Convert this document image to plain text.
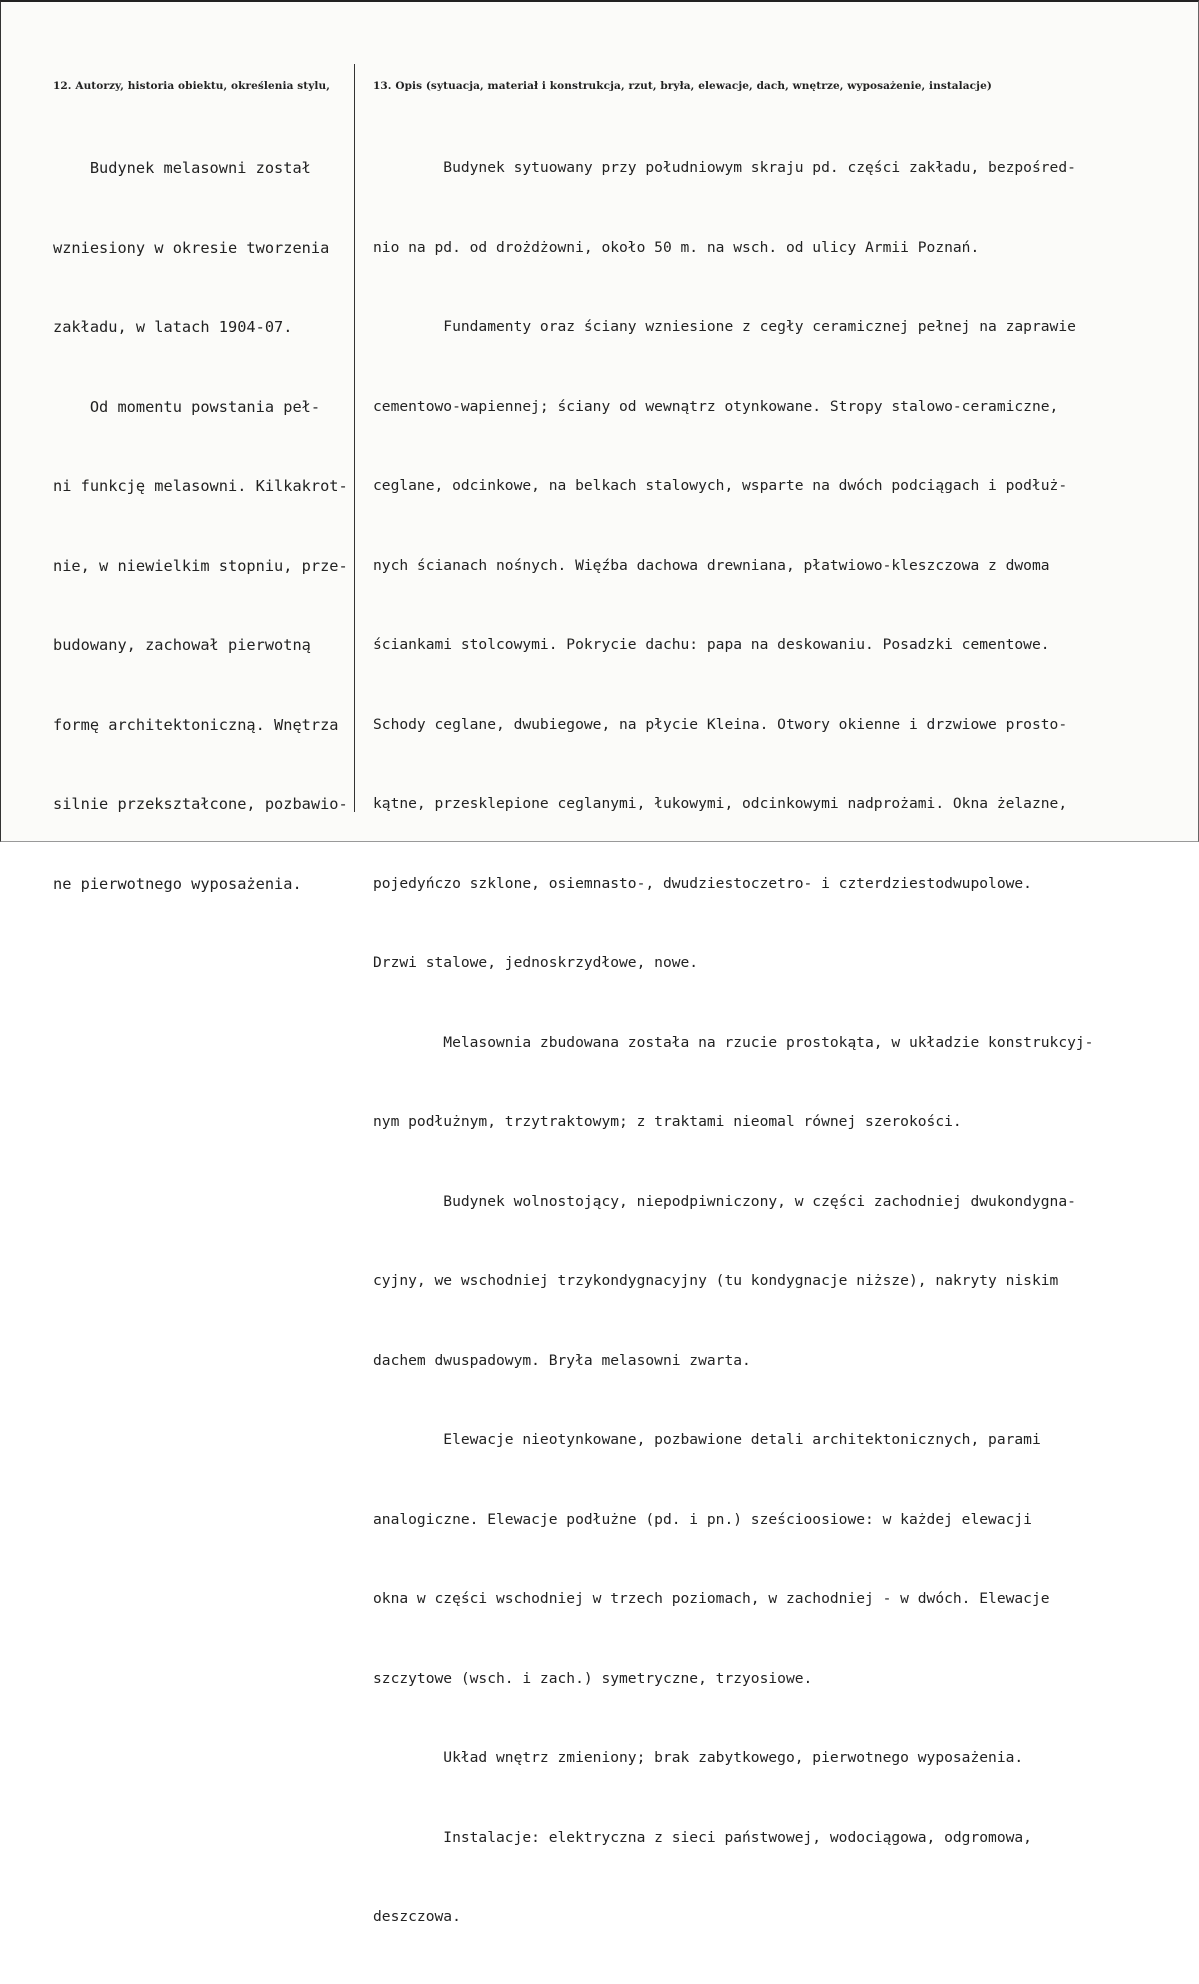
12. Autorzy, historia obiektu, określenia stylu,	13. Opis (sytuacja, materiał i konstrukcja, rzut, bryła, elewacje, dach, wnętrze, wyposażenie, instalacje)

Budynek melasowni został

wzniesiony w okresie tworzenia

zakładu, w latach 1904-07.

Od momentu powstania peł-

ni funkcję melasowni. Kilkakrot-

nie, w niewielkim stopniu, prze-

budowany, zachował pierwotną

formę architektoniczną. Wnętrza

silnie przekształcone, pozbawio-

ne pierwotnego wyposażenia.

Budynek sytuowany przy południowym skraju pd. części zakładu, bezpośred-

nio na pd. od drożdżowni, około 50 m. na wsch. od ulicy Armii Poznań.

Fundamenty oraz ściany wzniesione z cegły ceramicznej pełnej na zaprawie

cementowo-wapiennej; ściany od wewnątrz otynkowane. Stropy stalowo-ceramiczne,

ceglane, odcinkowe, na belkach stalowych, wsparte na dwóch podciągach i podłuż-

nych ścianach nośnych. Więźba dachowa drewniana, płatwiowo-kleszczowa z dwoma

ściankami stolcowymi. Pokrycie dachu: papa na deskowaniu. Posadzki cementowe.

Schody ceglane, dwubiegowe, na płycie Kleina. Otwory okienne i drzwiowe prosto-

kątne, przesklepione ceglanymi, łukowymi, odcinkowymi nadprożami. Okna żelazne,

pojedyńczo szklone, osiemnasto-, dwudziestoczetro- i czterdziestodwupolowe.

Drzwi stalowe, jednoskrzydłowe, nowe.

Melasownia zbudowana została na rzucie prostokąta, w układzie konstrukcyj-

nym podłużnym, trzytraktowym; z traktami nieomal równej szerokości.

Budynek wolnostojący, niepodpiwniczony, w części zachodniej dwukondygna-

cyjny, we wschodniej trzykondygnacyjny (tu kondygnacje niższe), nakryty niskim

dachem dwuspadowym. Bryła melasowni zwarta.

Elewacje nieotynkowane, pozbawione detali architektonicznych, parami

analogiczne. Elewacje podłużne (pd. i pn.) sześcioosiowe: w każdej elewacji

okna w części wschodniej w trzech poziomach, w zachodniej - w dwóch. Elewacje

szczytowe (wsch. i zach.) symetryczne, trzyosiowe.

Układ wnętrz zmieniony; brak zabytkowego, pierwotnego wyposażenia.

Instalacje: elektryczna z sieci państwowej, wodociągowa, odgromowa,

deszczowa.
